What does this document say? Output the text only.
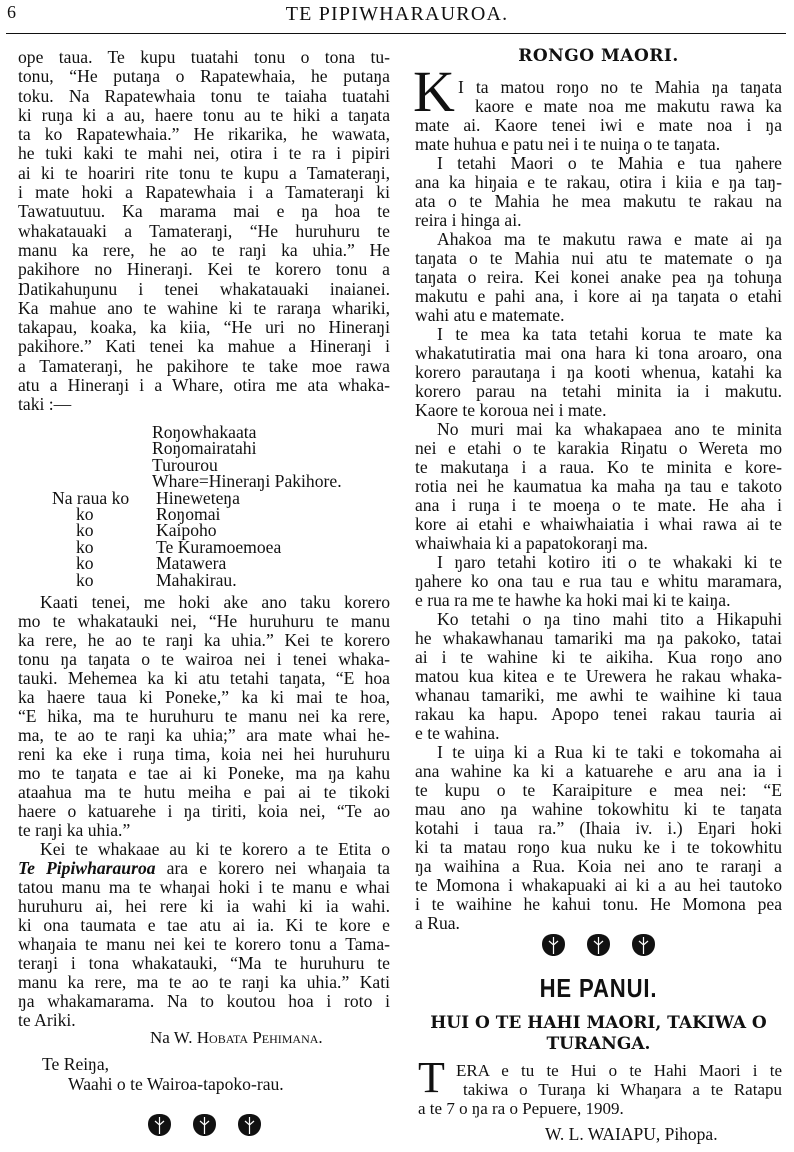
6	TE PIPIWHARAUROA.
ope taua. Te kupu tuatahi tonu o tona tu-
tonu, “He putaŋa o Rapatewhaia, he putaŋa
toku. Na Rapatewhaia tonu te taiaha tuatahi
ki ruŋa ki a au, haere tonu au te hiki a taŋata
ta ko Rapatewhaia.” He rikarika, he wawata,
he tuki kaki te mahi nei, otira i te ra i pipiri
ai ki te hoariri rite tonu te kupu a Tamateraŋi,
i mate hoki a Rapatewhaia i a Tamateraŋi ki
Tawatuutuu. Ka marama mai e ŋa hoa te
whakatauaki a Tamateraŋi, “He huruhuru te
manu ka rere, he ao te raŋi ka uhia.” He
pakihore no Hineraŋi. Kei te korero tonu a
Ŋatikahuŋunu i tenei whakatauaki inaianei.
Ka mahue ano te wahine ki te raraŋa whariki,
takapau, koaka, ka kiia, “He uri no Hineraŋi
pakihore.” Kati tenei ka mahue a Hineraŋi i
a Tamateraŋi, he pakihore te take moe rawa
atu a Hineraŋi i a Whare, otira me ata whaka-
taki :—
Roŋowhakaata
Roŋomairatahi
Turourou
Whare=Hineraŋi Pakihore.
Na raua ko Hineweteŋa
ko	Roŋomai
ko	Kaipoho
ko	Te Kuramoemoea
ko	Matawera
ko	Mahakirau.
Kaati tenei, me hoki ake ano taku korero
mo te whakatauki nei, “He huruhuru te manu
ka rere, he ao te raŋi ka uhia.” Kei te korero
tonu ŋa taŋata o te wairoa nei i tenei whaka-
tauki. Mehemea ka ki atu tetahi taŋata, “E hoa
ka haere taua ki Poneke,” ka ki mai te hoa,
“E hika, ma te huruhuru te manu nei ka rere,
ma, te ao te raŋi ka uhia;” ara mate whai he-
reni ka eke i ruŋa tima, koia nei hei huruhuru
mo te taŋata e tae ai ki Poneke, ma ŋa kahu
ataahua ma te hutu meiha e pai ai te tikoki
haere o katuarehe i ŋa tiriti, koia nei, “Te ao
te raŋi ka uhia.”
Kei te whakaae au ki te korero a te Etita o
Te Pipiwharauroa ara e korero nei whaŋaia ta
tatou manu ma te whaŋai hoki i te manu e whai
huruhuru ai, hei rere ki ia wahi ki ia wahi.
ki ona taumata e tae atu ai ia. Ki te kore e
whaŋaia te manu nei kei te korero tonu a Tama-
teraŋi i tona whakatauki, “Ma te huruhuru te
manu ka rere, ma te ao te raŋi ka uhia.” Kati
ŋa whakamarama. Na to koutou hoa i roto i
te Ariki.
Na W. Hobata Pehimana.
Te Reiŋa,
Waahi o te Wairoa-tapoko-rau.
RONGO MAORI.
K I ta matou roŋo no te Mahia ŋa taŋata
kaore e mate noa me makutu rawa ka
mate ai. Kaore tenei iwi e mate noa i ŋa
mate huhua e patu nei i te nuiŋa o te taŋata.
I tetahi Maori o te Mahia e tua ŋahere
ana ka hiŋaia e te rakau, otira i kiia e ŋa taŋ-
ata o te Mahia he mea makutu te rakau na
reira i hinga ai.
Ahakoa ma te makutu rawa e mate ai ŋa
taŋata o te Mahia nui atu te matemate o ŋa
taŋata o reira. Kei konei anake pea ŋa tohuŋa
makutu e pahi ana, i kore ai ŋa taŋata o etahi
wahi atu e matemate.
I te mea ka tata tetahi korua te mate ka
whakatutiratia mai ona hara ki tona aroaro, ona
korero parautaŋa i ŋa kooti whenua, katahi ka
korero parau na tetahi minita ia i makutu.
Kaore te koroua nei i mate.
No muri mai ka whakapaea ano te minita
nei e etahi o te karakia Riŋatu o Wereta mo
te makutaŋa i a raua. Ko te minita e kore-
rotia nei he kaumatua ka maha ŋa tau e takoto
ana i ruŋa i te moeŋa o te mate. He aha i
kore ai etahi e whaiwhaiatia i whai rawa ai te
whaiwhaia ki a papatokoraŋi ma.
I ŋaro tetahi kotiro iti o te whakaki ki te
ŋahere ko ona tau e rua tau e whitu maramara,
e rua ra me te hawhe ka hoki mai ki te kaiŋa.
Ko tetahi o ŋa tino mahi tito a Hikapuhi
he whakawhanau tamariki ma ŋa pakoko, tatai
ai i te wahine ki te aikiha. Kua roŋo ano
matou kua kitea e te Urewera he rakau whaka-
whanau tamariki, me awhi te waihine ki taua
rakau ka hapu. Apopo tenei rakau tauria ai
e te wahina.
I te uiŋa ki a Rua ki te taki e tokomaha ai
ana wahine ka ki a katuarehe e aru ana ia i
te kupu o te Karaipiture e mea nei: “E
mau ano ŋa wahine tokowhitu ki te taŋata
kotahi i taua ra.” (Ihaia iv. i.) Eŋari hoki
ki ta matau roŋo kua nuku ke i te tokowhitu
ŋa waihina a Rua. Koia nei ano te raraŋi a
te Momona i whakapuaki ai ki a au hei tautoko
i te waihine he kahui tonu. He Momona pea
a Rua.
HE PANUI.
HUI O TE HAHI MAORI, TAKIWA O
TURANGA.
T ERA e tu te Hui o te Hahi Maori i te
takiwa o Turaŋa ki Whaŋara a te Ratapu
a te 7 o ŋa ra o Pepuere, 1909.
W. L. WAIAPU, Pihopa.
